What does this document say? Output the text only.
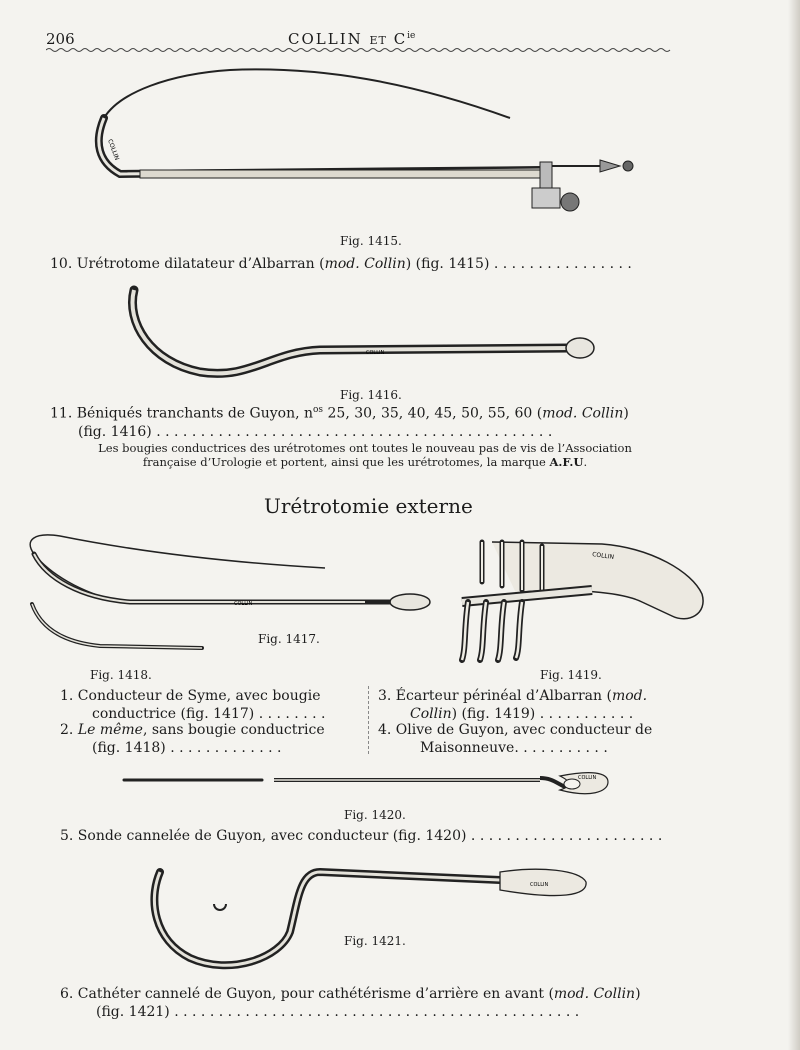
206	COLLIN ET $C^{ie}$
COLLIN
Fig. 1415.
10. Urétrotome dilatateur d’Albarran (mod. Collin) (fig. 1415) . . . . . . . . . . . . . . . .
COLLIN
Fig. 1416.
11. Béniqués tranchants de Guyon, $n^{os}$ 25, 30, 35, 40, 45, 50, 55, 60 (mod. Collin)
(fig. 1416) . . . . . . . . . . . . . . . . . . . . . . . . . . . . . . . . . . . . . . . . . . . . .
Les bougies conductrices des urétrotomes ont toutes le nouveau pas de vis de l’Association
française d’Urologie et portent, ainsi que les urétrotomes, la marque A.F.U.
Urétrotomie externe
COLLIN
Fig. 1417.
Fig. 1418.
COLLIN
Fig. 1419.
1. Conducteur de Syme, avec bougie
conductrice (fig. 1417) . . . . . . . .
2. Le même, sans bougie conductrice
(fig. 1418) . . . . . . . . . . . . .
3. Écarteur périnéal d’Albarran (mod.
Collin) (fig. 1419) . . . . . . . . . . .
4. Olive de Guyon, avec conducteur de
Maisonneuve. . . . . . . . . . .
COLLIN
Fig. 1420.
5. Sonde cannelée de Guyon, avec conducteur (fig. 1420) . . . . . . . . . . . . . . . . . . . . . .
COLLIN
Fig. 1421.
6. Cathéter cannelé de Guyon, pour cathétérisme d’arrière en avant (mod. Collin)
(fig. 1421) . . . . . . . . . . . . . . . . . . . . . . . . . . . . . . . . . . . . . . . . . . . . . .
